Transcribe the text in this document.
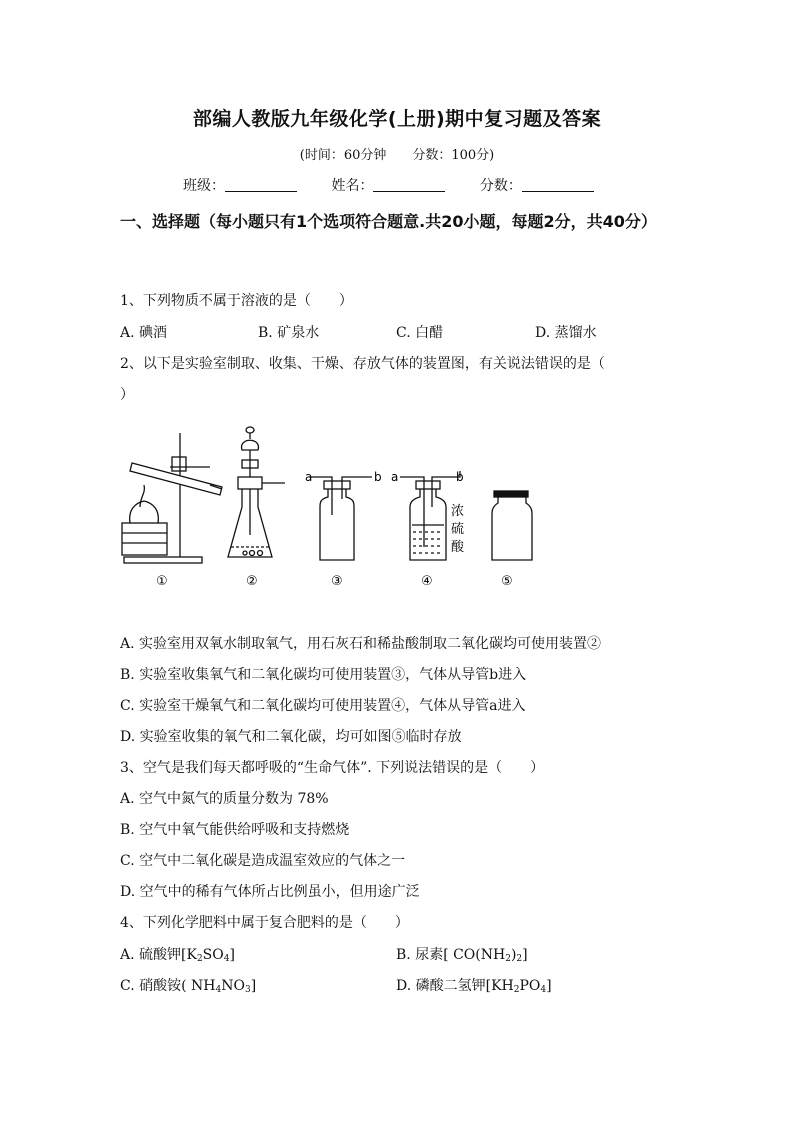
部编人教版九年级化学(上册)期中复习题及答案
(时间：60分钟　　分数：100分)
班级：	姓名：	分数：
一、选择题（每小题只有1个选项符合题意.共20小题，每题2分，共40分）
1、下列物质不属于溶液的是（　　）
A. 碘酒	B. 矿泉水	C. 白醋	D. 蒸馏水
2、以下是实验室制取、收集、干燥、存放气体的装置图，有关说法错误的是（
）
a	b a	b
浓
硫
酸
①	②	③	④	⑤
A. 实验室用双氧水制取氧气，用石灰石和稀盐酸制取二氧化碳均可使用装置②
B. 实验室收集氧气和二氧化碳均可使用装置③，气体从导管b进入
C. 实验室干燥氧气和二氧化碳均可使用装置④，气体从导管a进入
D. 实验室收集的氧气和二氧化碳，均可如图⑤临时存放
3、空气是我们每天都呼吸的“生命气体”. 下列说法错误的是（　　）
A. 空气中氮气的质量分数为 78%
B. 空气中氧气能供给呼吸和支持燃烧
C. 空气中二氧化碳是造成温室效应的气体之一
D. 空气中的稀有气体所占比例虽小，但用途广泛
4、下列化学肥料中属于复合肥料的是（　　）
A. 硫酸钾$[K_2SO_4]$	B. 尿素[ $CO(NH_2)_2$]
C. 硝酸铵( $NH_4NO_3$]	D. 磷酸二氢钾$[KH_2PO_4]$
